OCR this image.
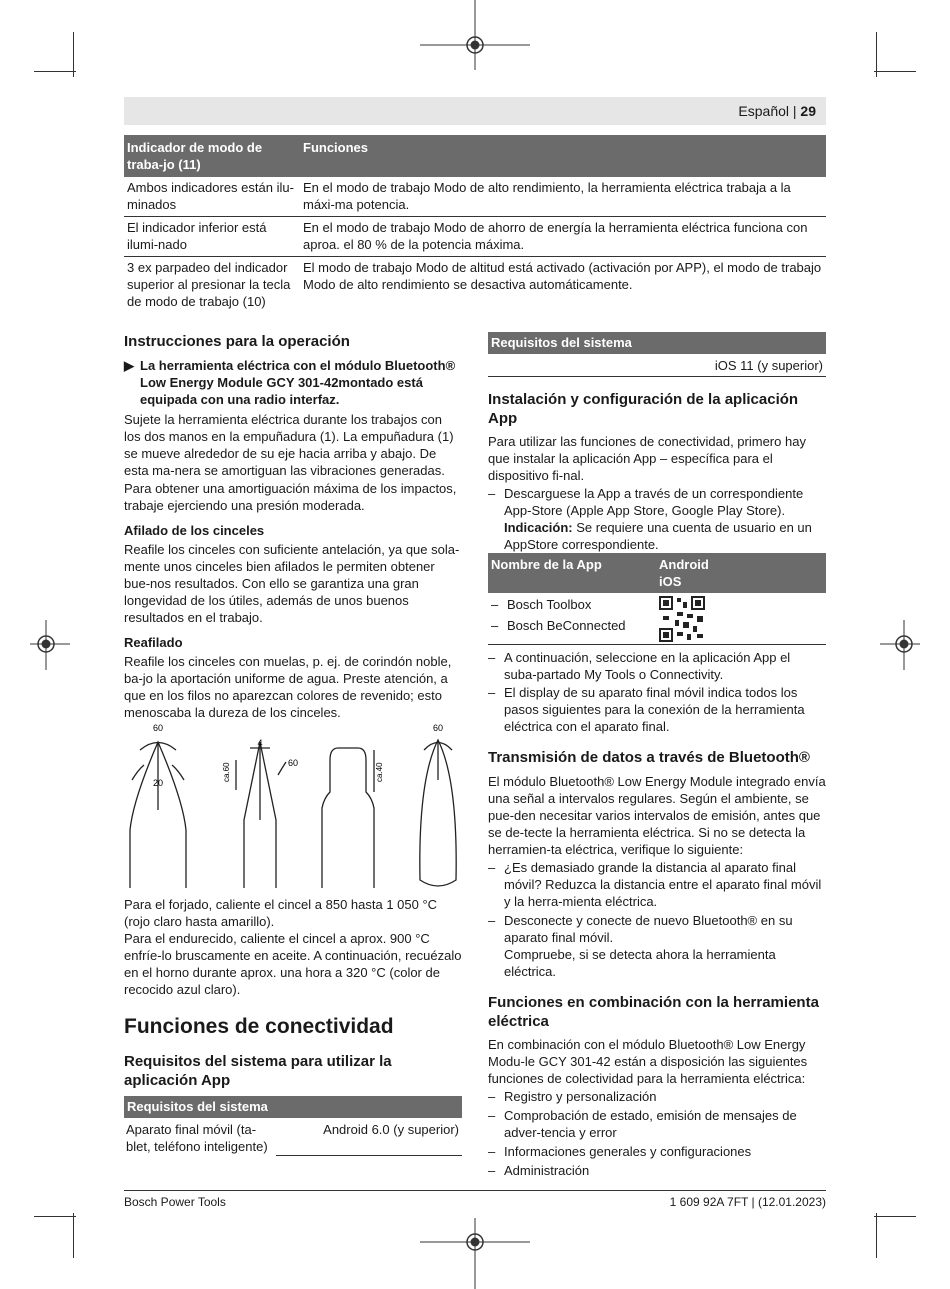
Español | 29
Indicador de modo de traba-jo (11)	Funciones
Ambos indicadores están ilu-minados	En el modo de trabajo Modo de alto rendimiento, la herramienta eléctrica trabaja a la máxi-ma potencia.
El indicador inferior está ilumi-nado	En el modo de trabajo Modo de ahorro de energía la herramienta eléctrica funciona con aproa. el 80 % de la potencia máxima.
3 ex parpadeo del indicador superior al presionar la tecla de modo de trabajo (10)	El modo de trabajo Modo de altitud está activado (activación por APP), el modo de trabajo Modo de alto rendimiento se desactiva automáticamente.
Instrucciones para la operación
▶ La herramienta eléctrica con el módulo Bluetooth® Low Energy Module GCY 301-42montado está equipada con una radio interfaz.

Sujete la herramienta eléctrica durante los trabajos con los dos manos en la empuñadura (1). La empuñadura (1) se mueve alrededor de su eje hacia arriba y abajo. De esta ma-nera se amortiguan las vibraciones generadas.

Para obtener una amortiguación máxima de los impactos, trabaje ejerciendo una presión moderada.

Afilado de los cinceles

Reafile los cinceles con suficiente antelación, ya que sola-mente unos cinceles bien afilados le permiten obtener bue-nos resultados. Con ello se garantiza una gran longevidad de los útiles, además de unos buenos resultados en el trabajo.

Reafilado

Reafile los cinceles con muelas, p. ej. de corindón noble, ba-jo la aportación uniforme de agua. Preste atención, a que en los filos no aparezcan colores de revenido; esto menoscaba la dureza de los cinceles.

60
20
4
ca.60	60	ca.40
60

Para el forjado, caliente el cincel a 850 hasta 1 050 °C (rojo claro hasta amarillo).

Para el endurecido, caliente el cincel a aprox. 900 °C enfríe-lo bruscamente en aceite. A continuación, recuézalo en el horno durante aprox. una hora a 320 °C (color de recocido azul claro).

Funciones de conectividad
Requisitos del sistema para utilizar la aplicación App
Requisitos del sistema
Aparato final móvil (ta-blet, teléfono inteligente)
Android 6.0 (y superior)
Requisitos del sistema
iOS 11 (y superior)
Instalación y configuración de la aplicación App

Para utilizar las funciones de conectividad, primero hay que instalar la aplicación App – específica para el dispositivo fi-nal.

– Descarguese la App a través de un correspondiente App-Store (Apple App Store, Google Play Store).
Indicación: Se requiere una cuenta de usuario en un AppStore correspondiente.
Nombre de la App	Android
iOS
– Bosch Toolbox
– Bosch BeConnected
– A continuación, seleccione en la aplicación App el suba-partado My Tools o Connectivity.
– El display de su aparato final móvil indica todos los pasos siguientes para la conexión de la herramienta eléctrica con el aparato final.
Transmisión de datos a través de Bluetooth®

El módulo Bluetooth® Low Energy Module integrado envía una señal a intervalos regulares. Según el ambiente, se pue-den necesitar varios intervalos de emisión, antes que se de-tecte la herramienta eléctrica. Si no se detecta la herramien-ta eléctrica, verifique lo siguiente:

– ¿Es demasiado grande la distancia al aparato final móvil? Reduzca la distancia entre el aparato final móvil y la herra-mienta eléctrica.
– Desconecte y conecte de nuevo Bluetooth® en su aparato final móvil.
Compruebe, si se detecta ahora la herramienta eléctrica.
Funciones en combinación con la herramienta eléctrica

En combinación con el módulo Bluetooth® Low Energy Modu-le GCY 301-42 están a disposición las siguientes funciones de colectividad para la herramienta eléctrica:

– Registro y personalización
– Comprobación de estado, emisión de mensajes de adver-tencia y error
– Informaciones generales y configuraciones
– Administración
Bosch Power Tools	1 609 92A 7FT | (12.01.2023)
